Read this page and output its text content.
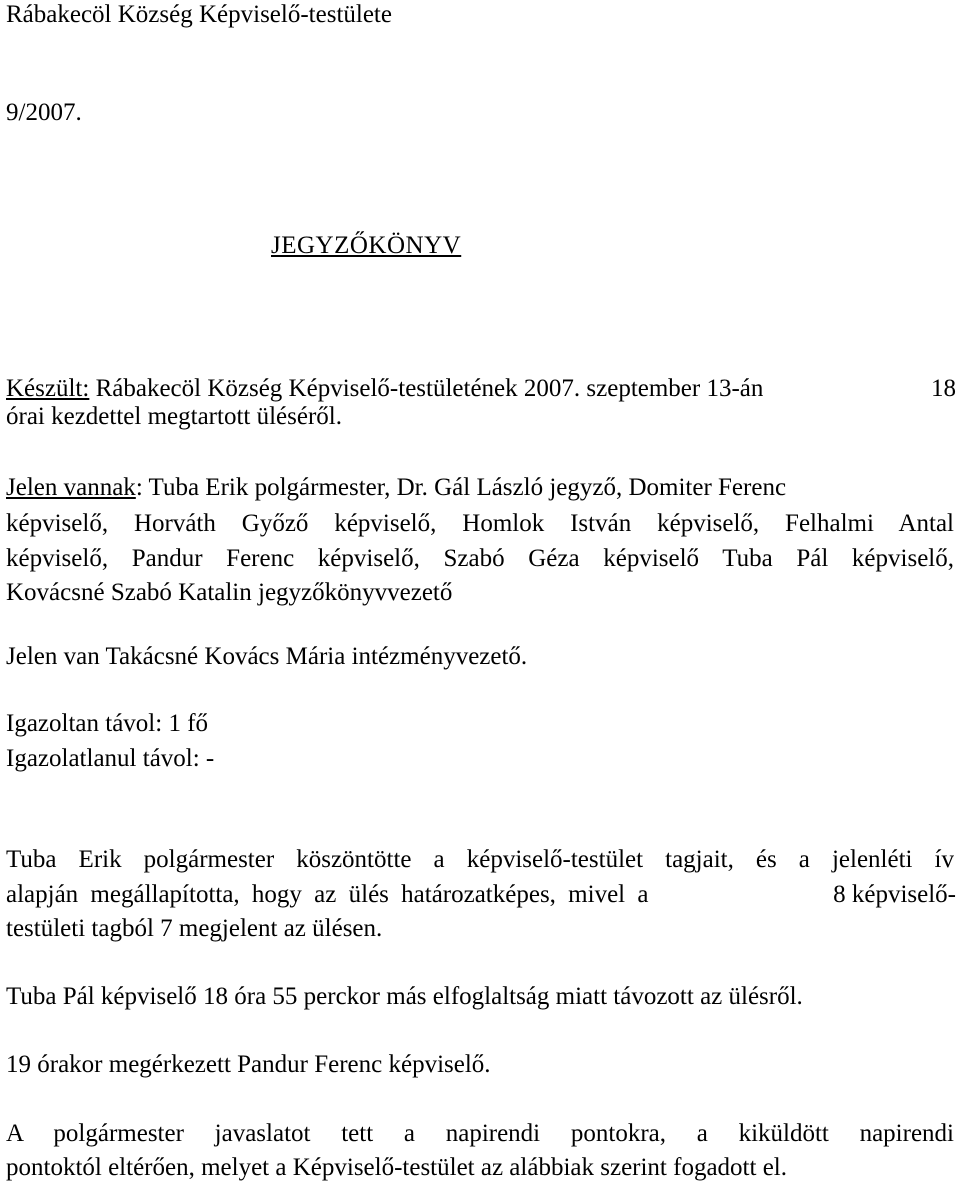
Rábakecöl Község Képviselő-testülete
9/2007.
JEGYZŐKÖNYV
Készült: Rábakecöl Község Képviselő-testületének 2007. szeptember 13-án	18
órai kezdettel megtartott üléséről.
Jelen vannak: Tuba Erik polgármester, Dr. Gál László jegyző, Domiter Ferenc
képviselő, Horváth Győző képviselő, Homlok István képviselő, Felhalmi Antal
képviselő, Pandur Ferenc képviselő, Szabó Géza képviselő Tuba Pál képviselő,
Kovácsné Szabó Katalin jegyzőkönyvvezető
Jelen van Takácsné Kovács Mária intézményvezető.
Igazoltan távol: 1 fő
Igazolatlanul távol: -
Tuba Erik polgármester köszöntötte a képviselő-testület tagjait, és a jelenléti ív
alapján megállapította, hogy az ülés határozatképes, mivel a	8 képviselő-
testületi tagból 7 megjelent az ülésen.
Tuba Pál képviselő 18 óra 55 perckor más elfoglaltság miatt távozott az ülésről.
19 órakor megérkezett Pandur Ferenc képviselő.
A polgármester javaslatot tett a napirendi pontokra, a kiküldött napirendi
pontoktól eltérően, melyet a Képviselő-testület az alábbiak szerint fogadott el.
